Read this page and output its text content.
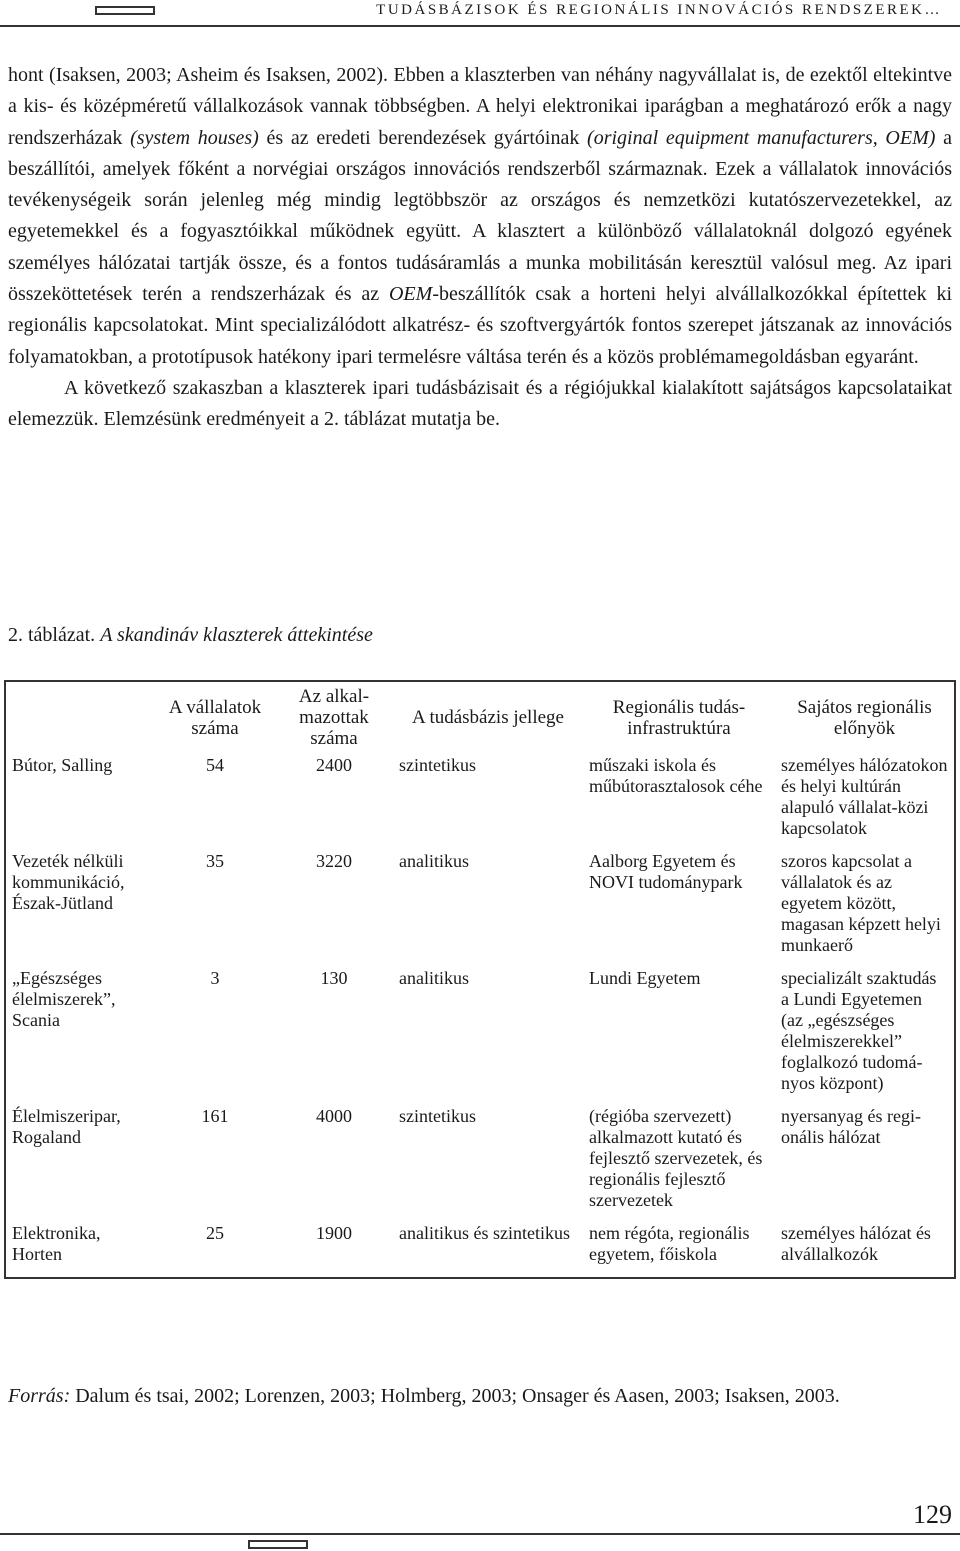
TUDÁSBÁZISOK ÉS REGIONÁLIS INNOVÁCIÓS RENDSZEREK…

hont (Isaksen, 2003; Asheim és Isaksen, 2002). Ebben a klaszterben van néhány nagyvállalat is, de ezektől eltekintve a kis- és középméretű vállalkozások vannak többségben. A helyi elektronikai iparágban a meghatározó erők a nagy rendszerházak (system houses) és az eredeti berendezések gyártóinak (original equipment manufacturers, OEM) a beszállítói, amelyek főként a norvégiai országos innovációs rendszerből származnak. Ezek a vállalatok innovációs tevékenységeik során jelenleg még mindig legtöbbször az országos és nemzetközi kutatószervezetekkel, az egyetemekkel és a fogyasztóikkal működnek együtt. A klasztert a különböző vállalatoknál dolgozó egyének személyes hálózatai tartják össze, és a fontos tudásáramlás a munka mobilitásán keresztül valósul meg. Az ipari összeköttetések terén a rendszerházak és az OEM-beszállítók csak a horteni helyi alvállalkozókkal építettek ki regionális kapcsolatokat. Mint specializálódott alkatrész- és szoftvergyártók fontos szerepet játszanak az innovációs folyamatokban, a prototípusok hatékony ipari termelésre váltása terén és a közös problémamegoldásban egyaránt.

A következő szakaszban a klaszterek ipari tudásbázisait és a régiójukkal kialakított sajátságos kapcsolataikat elemezzük. Elemzésünk eredményeit a 2. táblázat mutatja be.

2. táblázat. A skandináv klaszterek áttekintése
	A vállalatok száma	Az alkalmazottak száma	A tudásbázis jellege	Regionális tudásinfrastruktúra	Sajátos regionális előnyök
Bútor, Salling	54	2400	szintetikus	műszaki iskola és műbútorasztalosok céhe	személyes hálózatokon és helyi kultúrán alapuló vállalat-közi kapcsolatok
Vezeték nélküli kommunikáció, Észak-Jütland	35	3220	analitikus	Aalborg Egyetem és NOVI tudománypark	szoros kapcsolat a vállalatok és az egyetem között, magasan képzett helyi munkaerő
„Egészséges élelmiszerek”, Scania	3	130	analitikus	Lundi Egyetem	specializált szaktudás a Lundi Egyetemen (az „egészséges élelmiszerekkel” foglalkozó tudományos központ)
Élelmiszeripar, Rogaland	161	4000	szintetikus	(régióba szervezett) alkalmazott kutató és fejlesztő szervezetek, és regionális fejlesztő szervezetek	nyersanyag és regionális hálózat
Elektronika, Horten	25	1900	analitikus és szintetikus	nem régóta, regionális egyetem, főiskola	személyes hálózat és alvállalkozók
Forrás: Dalum és tsai, 2002; Lorenzen, 2003; Holmberg, 2003; Onsager és Aasen, 2003; Isaksen, 2003.
129
